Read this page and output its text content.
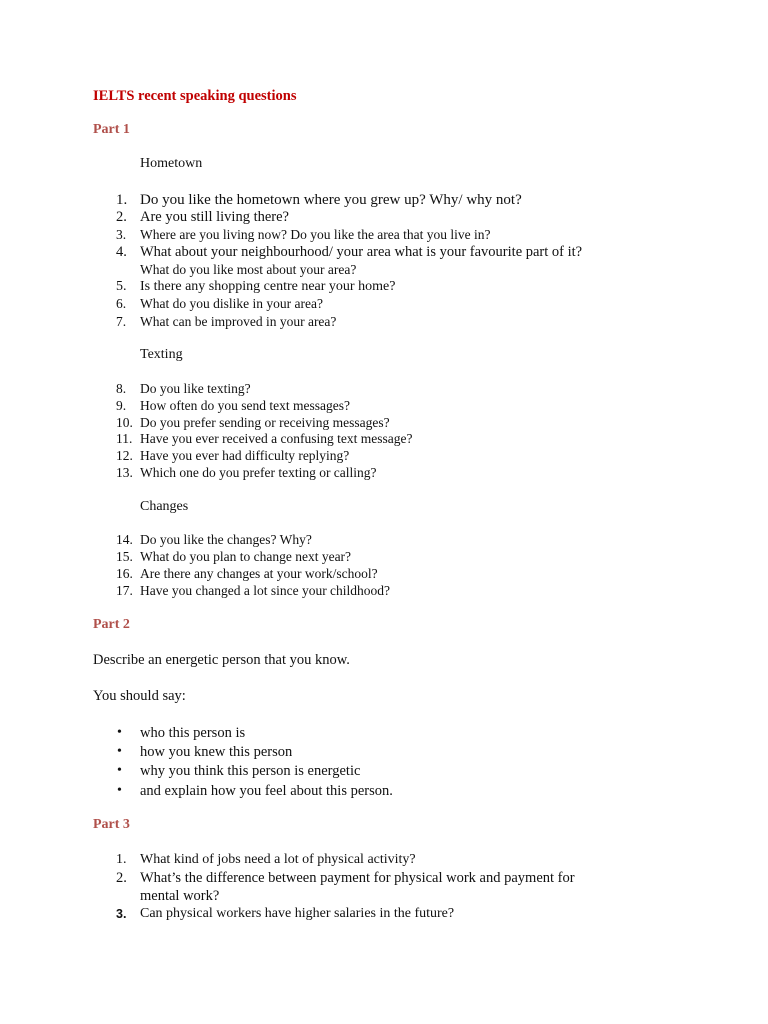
IELTS recent speaking questions
Part 1
Hometown
1. Do you like the hometown where you grew up? Why/ why not?
2. Are you still living there?
3. Where are you living now? Do you like the area that you live in?
4. What about your neighbourhood/ your area what is your favourite part of it?
What do you like most about your area?
5. Is there any shopping centre near your home?
6. What do you dislike in your area?
7. What can be improved in your area?
Texting
8. Do you like texting?
9. How often do you send text messages?
10. Do you prefer sending or receiving messages?
11. Have you ever received a confusing text message?
12. Have you ever had difficulty replying?
13. Which one do you prefer texting or calling?
Changes
14. Do you like the changes? Why?
15. What do you plan to change next year?
16. Are there any changes at your work/school?
17. Have you changed a lot since your childhood?
Part 2
Describe an energetic person that you know.
You should say:
• who this person is
• how you knew this person
• why you think this person is energetic
• and explain how you feel about this person.
Part 3
1. What kind of jobs need a lot of physical activity?
2. What’s the difference between payment for physical work and payment for
mental work?
3. Can physical workers have higher salaries in the future?
